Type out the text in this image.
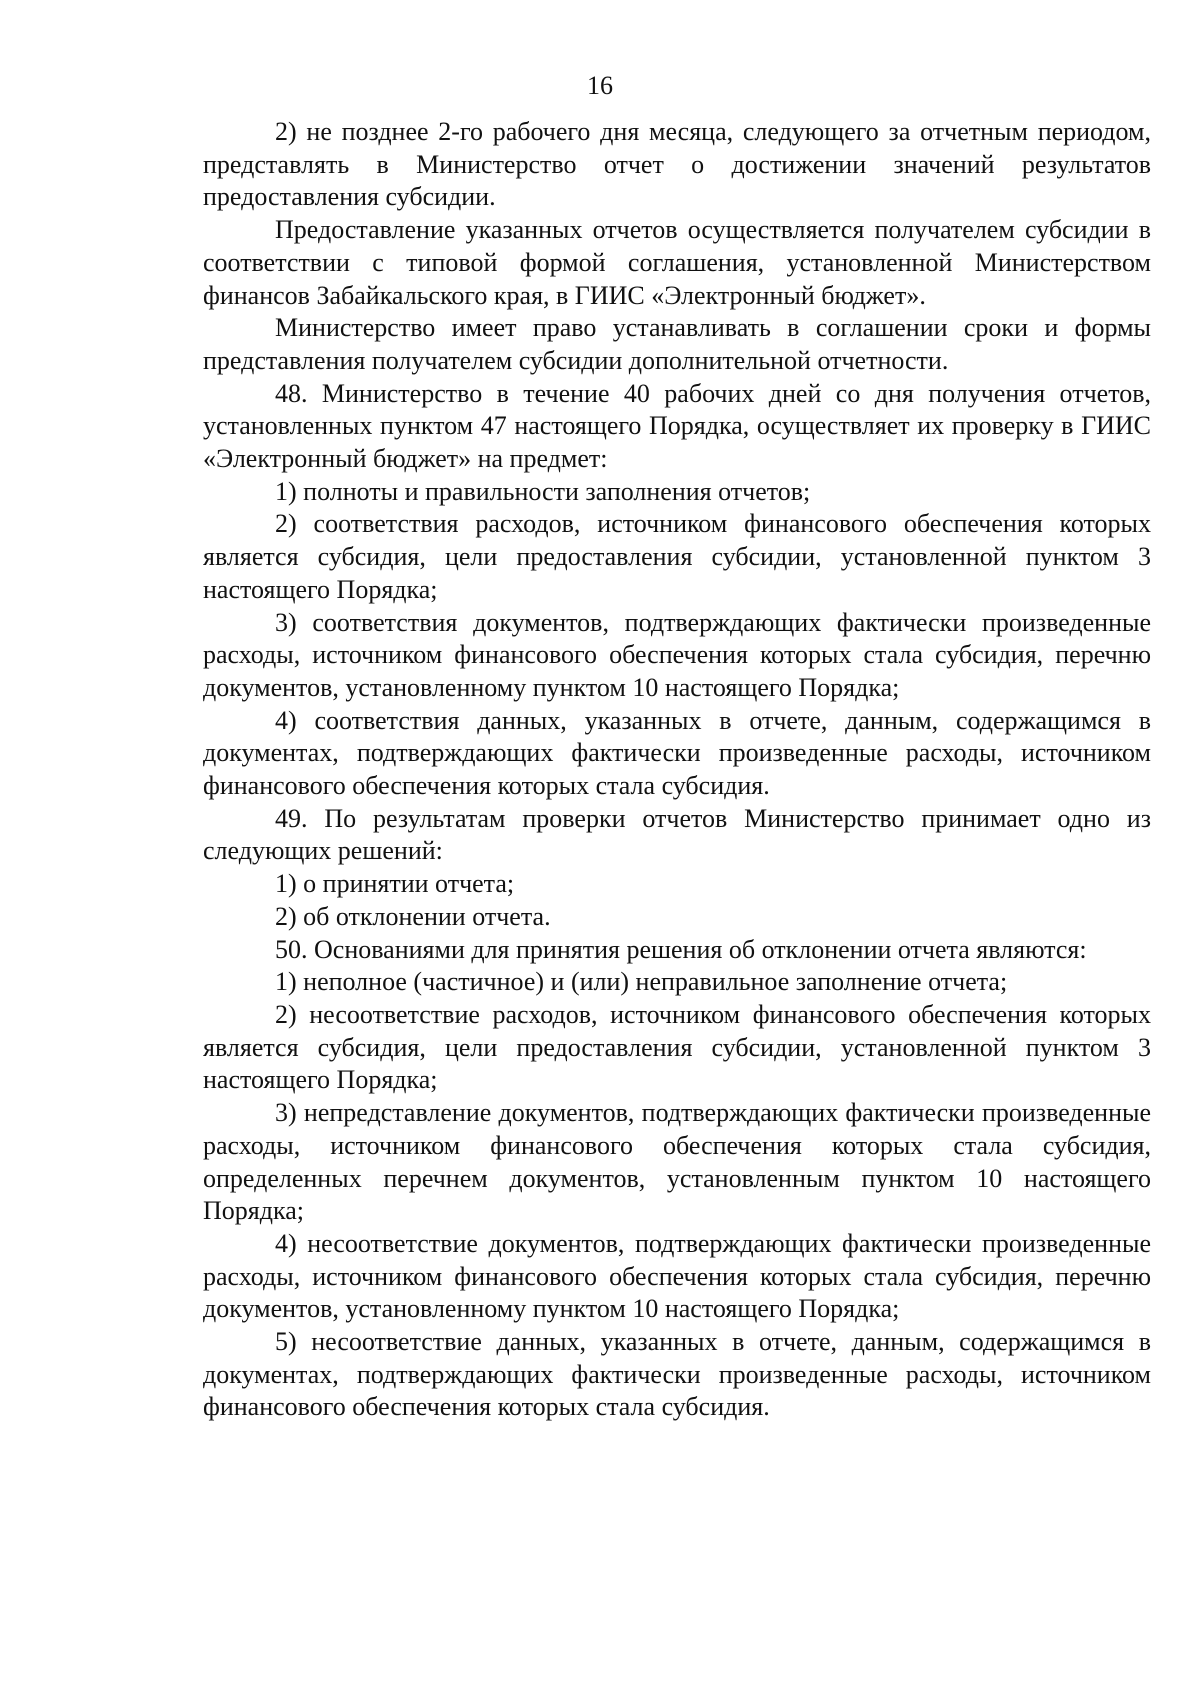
16

2) не позднее 2-го рабочего дня месяца, следующего за отчетным периодом, представлять в Министерство отчет о достижении значений результатов предоставления субсидии.

Предоставление указанных отчетов осуществляется получателем субсидии в соответствии с типовой формой соглашения, установленной Министерством финансов Забайкальского края, в ГИИС «Электронный бюджет».

Министерство имеет право устанавливать в соглашении сроки и формы представления получателем субсидии дополнительной отчетности.

48. Министерство в течение 40 рабочих дней со дня получения отчетов, установленных пунктом 47 настоящего Порядка, осуществляет их проверку в ГИИС «Электронный бюджет» на предмет:

1) полноты и правильности заполнения отчетов;

2) соответствия расходов, источником финансового обеспечения которых является субсидия, цели предоставления субсидии, установленной пунктом 3 настоящего Порядка;

3) соответствия документов, подтверждающих фактически произведенные расходы, источником финансового обеспечения которых стала субсидия, перечню документов, установленному пунктом 10 настоящего Порядка;

4) соответствия данных, указанных в отчете, данным, содержащимся в документах, подтверждающих фактически произведенные расходы, источником финансового обеспечения которых стала субсидия.

49. По результатам проверки отчетов Министерство принимает одно из следующих решений:

1) о принятии отчета;

2) об отклонении отчета.

50. Основаниями для принятия решения об отклонении отчета являются:

1) неполное (частичное) и (или) неправильное заполнение отчета;

2) несоответствие расходов, источником финансового обеспечения которых является субсидия, цели предоставления субсидии, установленной пунктом 3 настоящего Порядка;

3) непредставление документов, подтверждающих фактически произведенные расходы, источником финансового обеспечения которых стала субсидия, определенных перечнем документов, установленным пунктом 10 настоящего Порядка;

4) несоответствие документов, подтверждающих фактически произведенные расходы, источником финансового обеспечения которых стала субсидия, перечню документов, установленному пунктом 10 настоящего Порядка;

5) несоответствие данных, указанных в отчете, данным, содержащимся в документах, подтверждающих фактически произведенные расходы, источником финансового обеспечения которых стала субсидия.
